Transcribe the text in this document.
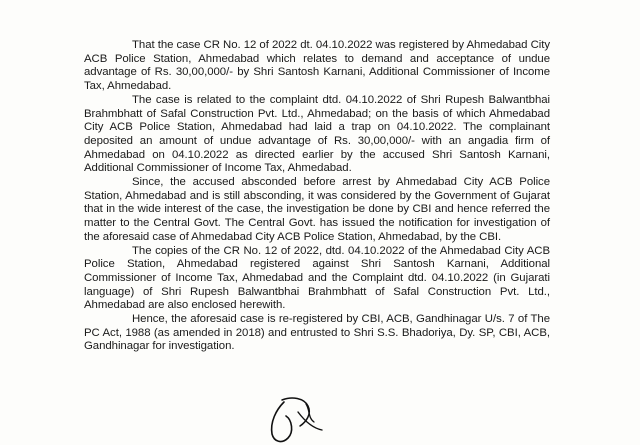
That the case CR No. 12 of 2022 dt. 04.10.2022 was registered by Ahmedabad City ACB Police Station, Ahmedabad which relates to demand and acceptance of undue advantage of Rs. 30,00,000/- by Shri Santosh Karnani, Additional Commissioner of Income Tax, Ahmedabad.

The case is related to the complaint dtd. 04.10.2022 of Shri Rupesh Balwantbhai Brahmbhatt of Safal Construction Pvt. Ltd., Ahmedabad; on the basis of which Ahmedabad City ACB Police Station, Ahmedabad had laid a trap on 04.10.2022. The complainant deposited an amount of undue advantage of Rs. 30,00,000/- with an angadia firm of Ahmedabad on 04.10.2022 as directed earlier by the accused Shri Santosh Karnani, Additional Commissioner of Income Tax, Ahmedabad.

Since, the accused absconded before arrest by Ahmedabad City ACB Police Station, Ahmedabad and is still absconding, it was considered by the Government of Gujarat that in the wide interest of the case, the investigation be done by CBI and hence referred the matter to the Central Govt. The Central Govt. has issued the notification for investigation of the aforesaid case of Ahmedabad City ACB Police Station, Ahmedabad, by the CBI.

The copies of the CR No. 12 of 2022, dtd. 04.10.2022 of the Ahmedabad City ACB Police Station, Ahmedabad registered against Shri Santosh Karnani, Additional Commissioner of Income Tax, Ahmedabad and the Complaint dtd. 04.10.2022 (in Gujarati language) of Shri Rupesh Balwantbhai Brahmbhatt of Safal Construction Pvt. Ltd., Ahmedabad are also enclosed herewith.

Hence, the aforesaid case is re-registered by CBI, ACB, Gandhinagar U/s. 7 of The PC Act, 1988 (as amended in 2018) and entrusted to Shri S.S. Bhadoriya, Dy. SP, CBI, ACB, Gandhinagar for investigation.
